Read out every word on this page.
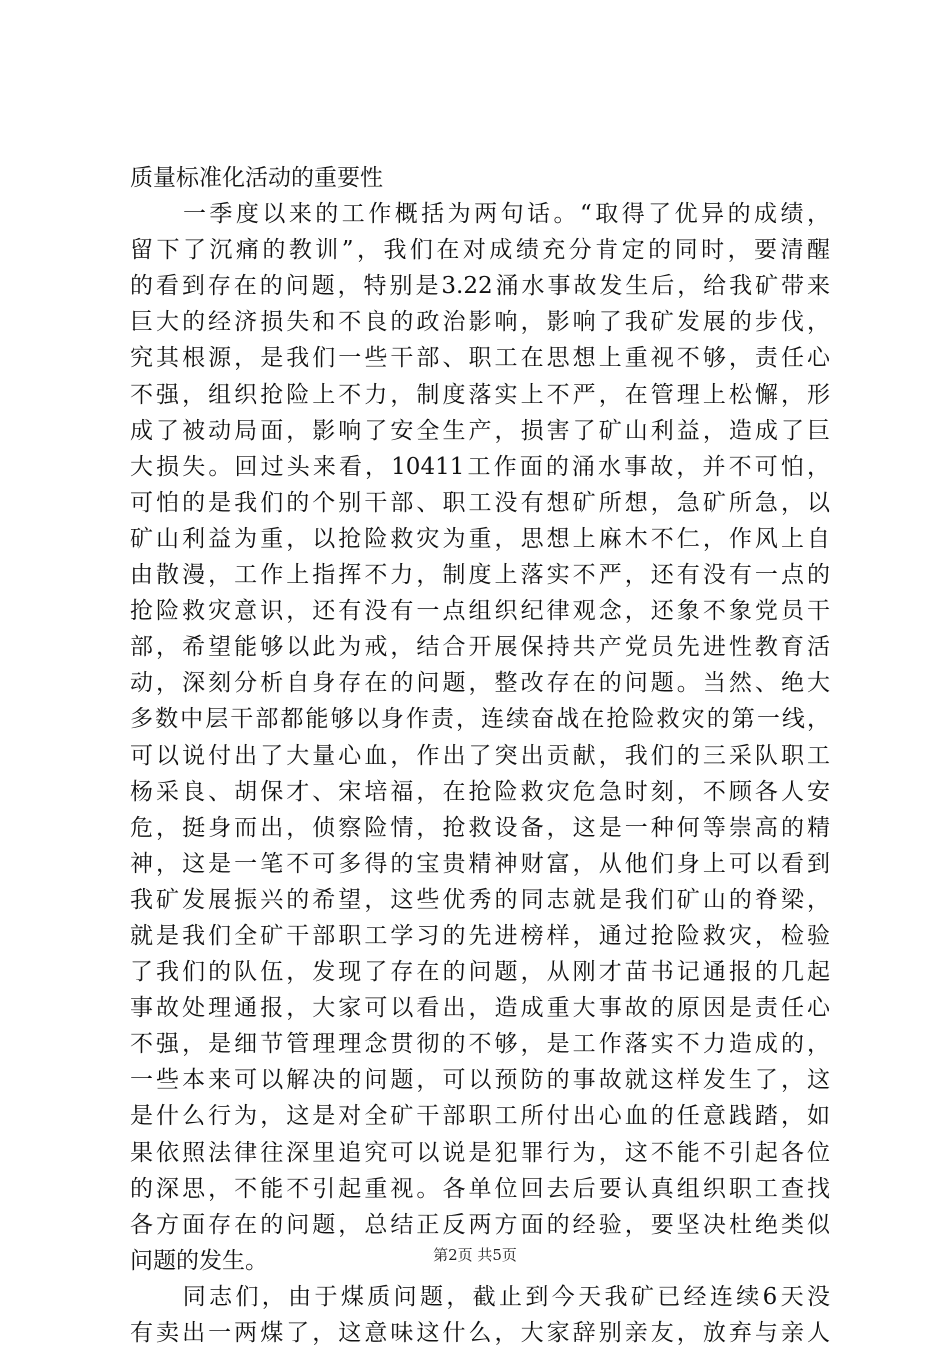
质量标准化活动的重要性
　　一季度以来的工作概括为两句话。“取得了优异的成绩，
留下了沉痛的教训”，我们在对成绩充分肯定的同时，要清醒
的看到存在的问题，特别是3.22涌水事故发生后，给我矿带来
巨大的经济损失和不良的政治影响，影响了我矿发展的步伐，
究其根源，是我们一些干部、职工在思想上重视不够，责任心
不强，组织抢险上不力，制度落实上不严，在管理上松懈，形
成了被动局面，影响了安全生产，损害了矿山利益，造成了巨
大损失。回过头来看，10411工作面的涌水事故，并不可怕，
可怕的是我们的个别干部、职工没有想矿所想，急矿所急，以
矿山利益为重，以抢险救灾为重，思想上麻木不仁，作风上自
由散漫，工作上指挥不力，制度上落实不严，还有没有一点的
抢险救灾意识，还有没有一点组织纪律观念，还象不象党员干
部，希望能够以此为戒，结合开展保持共产党员先进性教育活
动，深刻分析自身存在的问题，整改存在的问题。当然、绝大
多数中层干部都能够以身作责，连续奋战在抢险救灾的第一线，
可以说付出了大量心血，作出了突出贡献，我们的三采队职工
杨采良、胡保才、宋培福，在抢险救灾危急时刻，不顾各人安
危，挺身而出，侦察险情，抢救设备，这是一种何等崇高的精
神，这是一笔不可多得的宝贵精神财富，从他们身上可以看到
我矿发展振兴的希望，这些优秀的同志就是我们矿山的脊梁，
就是我们全矿干部职工学习的先进榜样，通过抢险救灾，检验
了我们的队伍，发现了存在的问题，从刚才苗书记通报的几起
事故处理通报，大家可以看出，造成重大事故的原因是责任心
不强，是细节管理理念贯彻的不够，是工作落实不力造成的，
一些本来可以解决的问题，可以预防的事故就这样发生了，这
是什么行为，这是对全矿干部职工所付出心血的任意践踏，如
果依照法律往深里追究可以说是犯罪行为，这不能不引起各位
的深思，不能不引起重视。各单位回去后要认真组织职工查找
各方面存在的问题，总结正反两方面的经验，要坚决杜绝类似
问题的发生。
　　同志们，由于煤质问题，截止到今天我矿已经连续6天没
有卖出一两煤了，这意味这什么，大家辞别亲友，放弃与亲人
第2页 共5页
